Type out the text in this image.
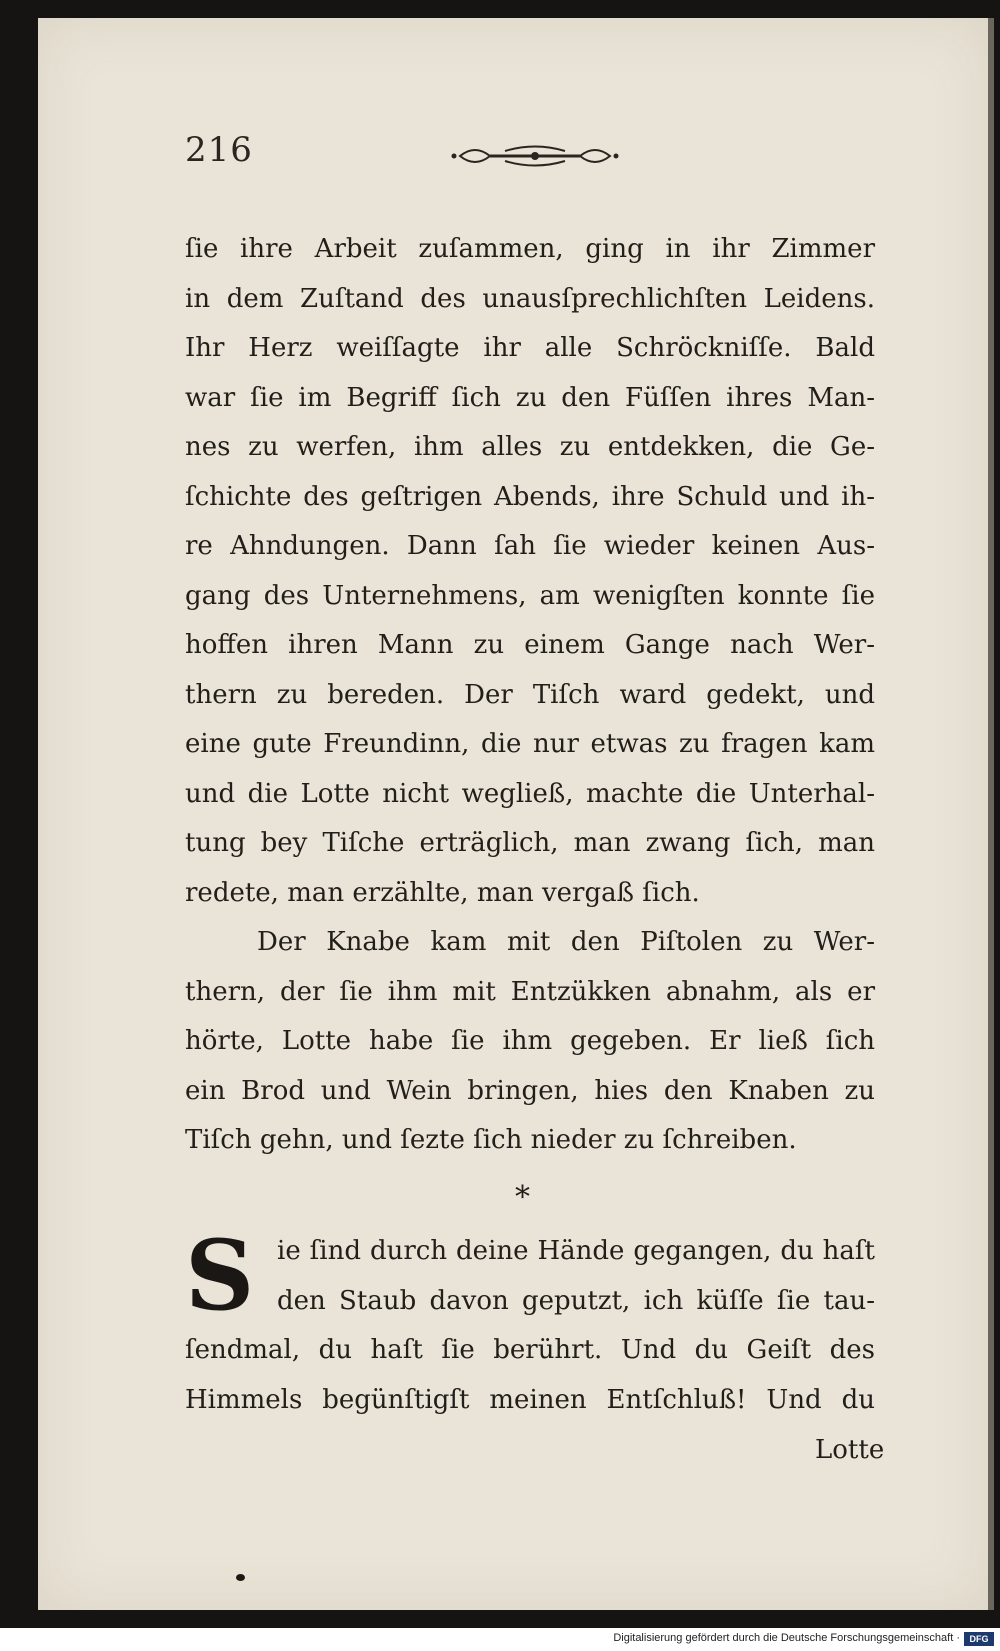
216
ſie ihre Arbeit zuſammen, ging in ihr Zimmer
in dem Zuſtand des unausſprechlichſten Leidens.
Ihr Herz weiſſagte ihr alle Schröckniſſe. Bald
war ſie im Begriff ſich zu den Füſſen ihres Man-
nes zu werfen, ihm alles zu entdekken, die Ge-
ſchichte des geſtrigen Abends, ihre Schuld und ih-
re Ahndungen. Dann ſah ſie wieder keinen Aus-
gang des Unternehmens, am wenigſten konnte ſie
hoffen ihren Mann zu einem Gange nach Wer-
thern zu bereden. Der Tiſch ward gedekt, und
eine gute Freundinn, die nur etwas zu fragen kam
und die Lotte nicht wegließ, machte die Unterhal-
tung bey Tiſche erträglich, man zwang ſich, man
redete, man erzählte, man vergaß ſich.
Der Knabe kam mit den Piſtolen zu Wer-
thern, der ſie ihm mit Entzükken abnahm, als er
hörte, Lotte habe ſie ihm gegeben. Er ließ ſich
ein Brod und Wein bringen, hies den Knaben zu
Tiſch gehn, und ſezte ſich nieder zu ſchreiben.
*
S ie ſind durch deine Hände gegangen, du haſt
den Staub davon geputzt, ich küſſe ſie tau-
ſendmal, du haſt ſie berührt. Und du Geiſt des
Himmels begünſtigſt meinen Entſchluß! Und du
Lotte
Digitalisierung gefördert durch die Deutsche Forschungsgemeinschaft ·	DFG
